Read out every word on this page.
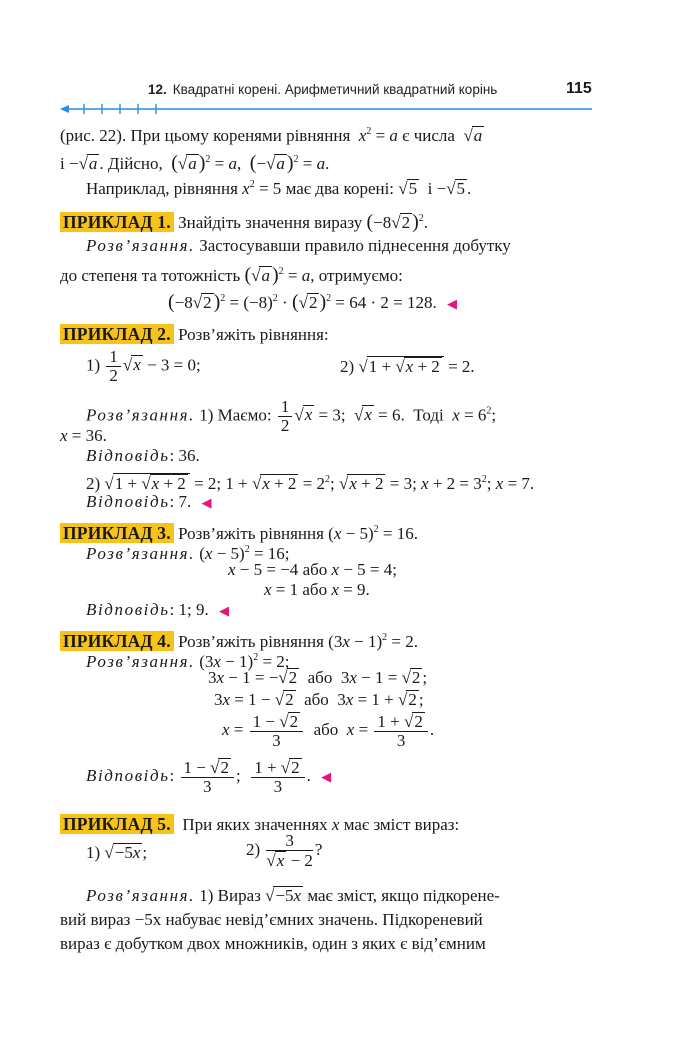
12. Квадратні корені. Арифметичний квадратний корінь	115
(рис. 22). При цьому коренями рівняння  $x^2 = a$ є числа  √a
і −√a . Дійсно, (√a )$^2$ = a,  (−√a )$^2$ = a.
Наприклад, рівняння $x^2 = 5$ має два корені: √5 і −√5 .
ПРИКЛАД 1. Знайдіть значення виразу (−8√2 )$^2$.
Розв’язання. Застосувавши правило піднесення добутку
до степеня та тотожність (√a )$^2$ = a, отримуємо:
(−8√2 )$^2 = (-8)^2 \cdot (√2$ )$^2$ = 64 · 2 = 128. ◀
ПРИКЛАД 2. Розв’яжіть рівняння:
$1) \frac{1}{2} √x - 3 = 0$;	2) √1 + √x + 2 = 2.
Розв’язання. 1) Маємо: $\frac{1}{2} √x = 3$;  √x = 6.  Тоді $x = 6^2$;
x = 36.
Відповідь: 36.
2) √1 + √x + 2 = 2; $1 + √x + 2 = 2^2$; √x + 2 = 3; $x + 2 = 3^2$; x = 7.
Відповідь: 7. ◀
ПРИКЛАД 3. Розв’яжіть рівняння $(x - 5)^2 = 16$.
Розв’язання. $(x - 5)^2 = 16$;
x − 5 = −4 або x − 5 = 4;
x = 1 або x = 9.
Відповідь: 1; 9. ◀
ПРИКЛАД 4. Розв’яжіть рівняння $(3x - 1)^2 = 2$.
Розв’язання. $(3x - 1)^2 = 2$;
3x − 1 = −√2 або  3x − 1 = √2 ;
3x = 1 − √2 або  3x = 1 + √2 ;
$x = \frac{1 - √2}{3}$ або $x = \frac{1 + √2}{3}$ .
Відповідь: $\frac{1 - √2}{3}$ ; $\frac{1 + √2}{3}$ . ◀
ПРИКЛАД 5. При яких значеннях x має зміст вираз:
1) √−5x ;	$2) \frac{3}{√x - 2}$ ?
Розв’язання. 1) Вираз √−5x має зміст, якщо підкорене-
вий вираз −5x набуває невід’ємних значень. Підкореневий
вираз є добутком двох множників, один з яких є від’ємним
